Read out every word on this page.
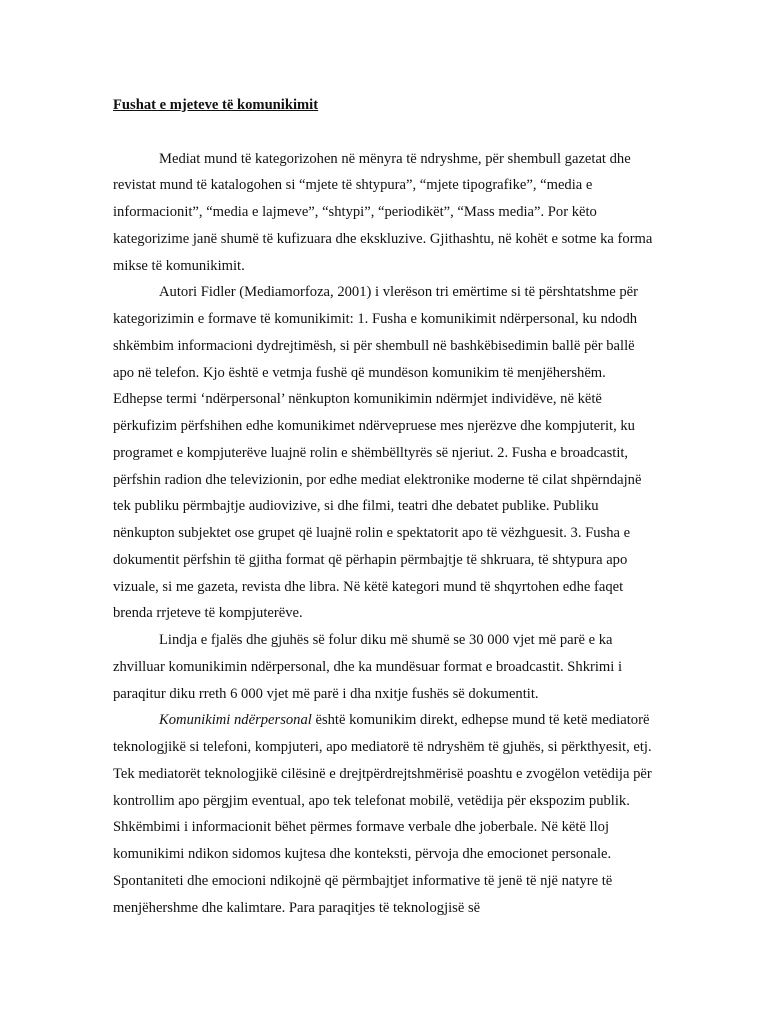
Fushat e mjeteve të komunikimit

Mediat mund të kategorizohen në mënyra të ndryshme, për shembull gazetat dhe revistat mund të katalogohen si “mjete të shtypura”, “mjete tipografike”, “media e informacionit”, “media e lajmeve”, “shtypi”, “periodikët”, “Mass media”. Por këto kategorizime janë shumë të kufizuara dhe ekskluzive. Gjithashtu, në kohët e sotme ka forma mikse të komunikimit.

Autori Fidler (Mediamorfoza, 2001) i vlerëson tri emërtime si të përshtatshme për kategorizimin e formave të komunikimit: 1. Fusha e komunikimit ndërpersonal, ku ndodh shkëmbim informacioni dydrejtimësh, si për shembull në bashkëbisedimin ballë për ballë apo në telefon. Kjo është e vetmja fushë që mundëson komunikim të menjëhershëm. Edhepse termi ‘ndërpersonal’ nënkupton komunikimin ndërmjet individëve, në këtë përkufizim përfshihen edhe komunikimet ndërvepruese mes njerëzve dhe kompjuterit, ku programet e kompjuterëve luajnë rolin e shëmbëlltyrës së njeriut. 2. Fusha e broadcastit, përfshin radion dhe televizionin, por edhe mediat elektronike moderne të cilat shpërndajnë tek publiku përmbajtje audiovizive, si dhe filmi, teatri dhe debatet publike. Publiku nënkupton subjektet ose grupet që luajnë rolin e spektatorit apo të vëzhguesit. 3. Fusha e dokumentit përfshin të gjitha format që përhapin përmbajtje të shkruara, të shtypura apo vizuale, si me gazeta, revista dhe libra. Në këtë kategori mund të shqyrtohen edhe faqet brenda rrjeteve të kompjuterëve.

Lindja e fjalës dhe gjuhës së folur diku më shumë se 30 000 vjet më parë e ka zhvilluar komunikimin ndërpersonal, dhe ka mundësuar format e broadcastit. Shkrimi i paraqitur diku rreth 6 000 vjet më parë i dha nxitje fushës së dokumentit.

Komunikimi ndërpersonal është komunikim direkt, edhepse mund të ketë mediatorë teknologjikë si telefoni, kompjuteri, apo mediatorë të ndryshëm të gjuhës, si përkthyesit, etj. Tek mediatorët teknologjikë cilësinë e drejtpërdrejtshmërisë poashtu e zvogëlon vetëdija për kontrollim apo përgjim eventual, apo tek telefonat mobilë, vetëdija për ekspozim publik. Shkëmbimi i informacionit bëhet përmes formave verbale dhe joberbale. Në këtë lloj komunikimi ndikon sidomos kujtesa dhe konteksti, përvoja dhe emocionet personale. Spontaniteti dhe emocioni ndikojnë që përmbajtjet informative të jenë të një natyre të menjëhershme dhe kalimtare. Para paraqitjes të teknologjisë së
